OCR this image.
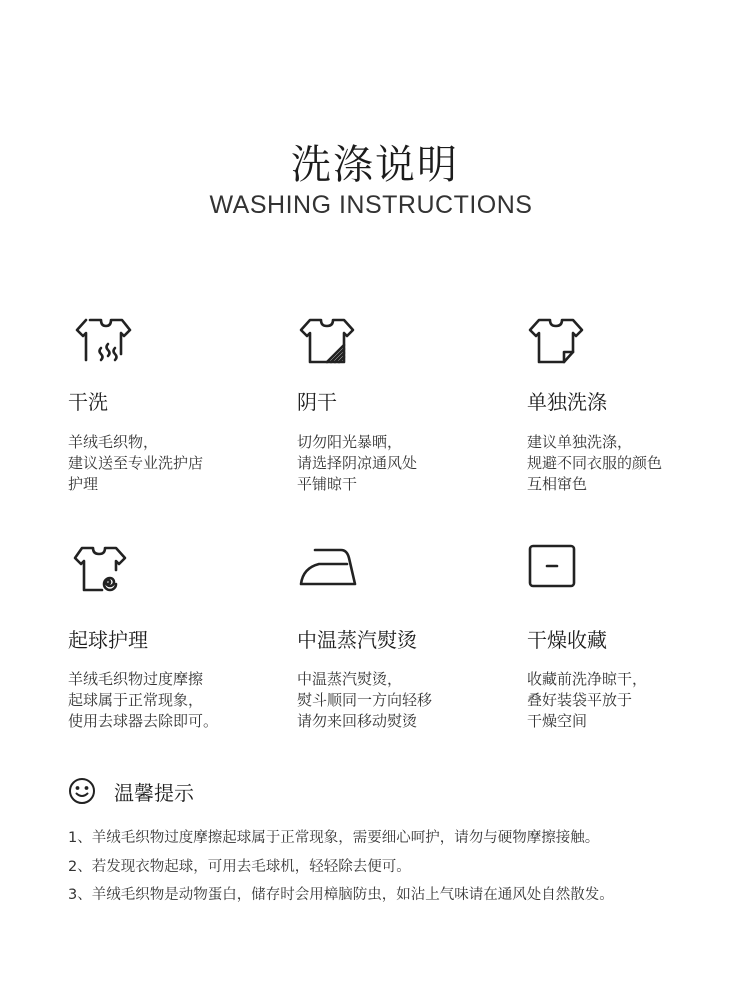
洗涤说明
WASHING INSTRUCTIONS
干洗
羊绒毛织物，
建议送至专业洗护店
护理
阴干
切勿阳光暴晒，
请选择阴凉通风处
平铺晾干
单独洗涤
建议单独洗涤，
规避不同衣服的颜色
互相窜色
起球护理
羊绒毛织物过度摩擦
起球属于正常现象，
使用去球器去除即可。
中温蒸汽熨烫
中温蒸汽熨烫，
熨斗顺同一方向轻移
请勿来回移动熨烫
干燥收藏
收藏前洗净晾干，
叠好装袋平放于
干燥空间
温馨提示
1、羊绒毛织物过度摩擦起球属于正常现象，需要细心呵护，请勿与硬物摩擦接触。
2、若发现衣物起球，可用去毛球机，轻轻除去便可。
3、羊绒毛织物是动物蛋白，储存时会用樟脑防虫，如沾上气味请在通风处自然散发。
